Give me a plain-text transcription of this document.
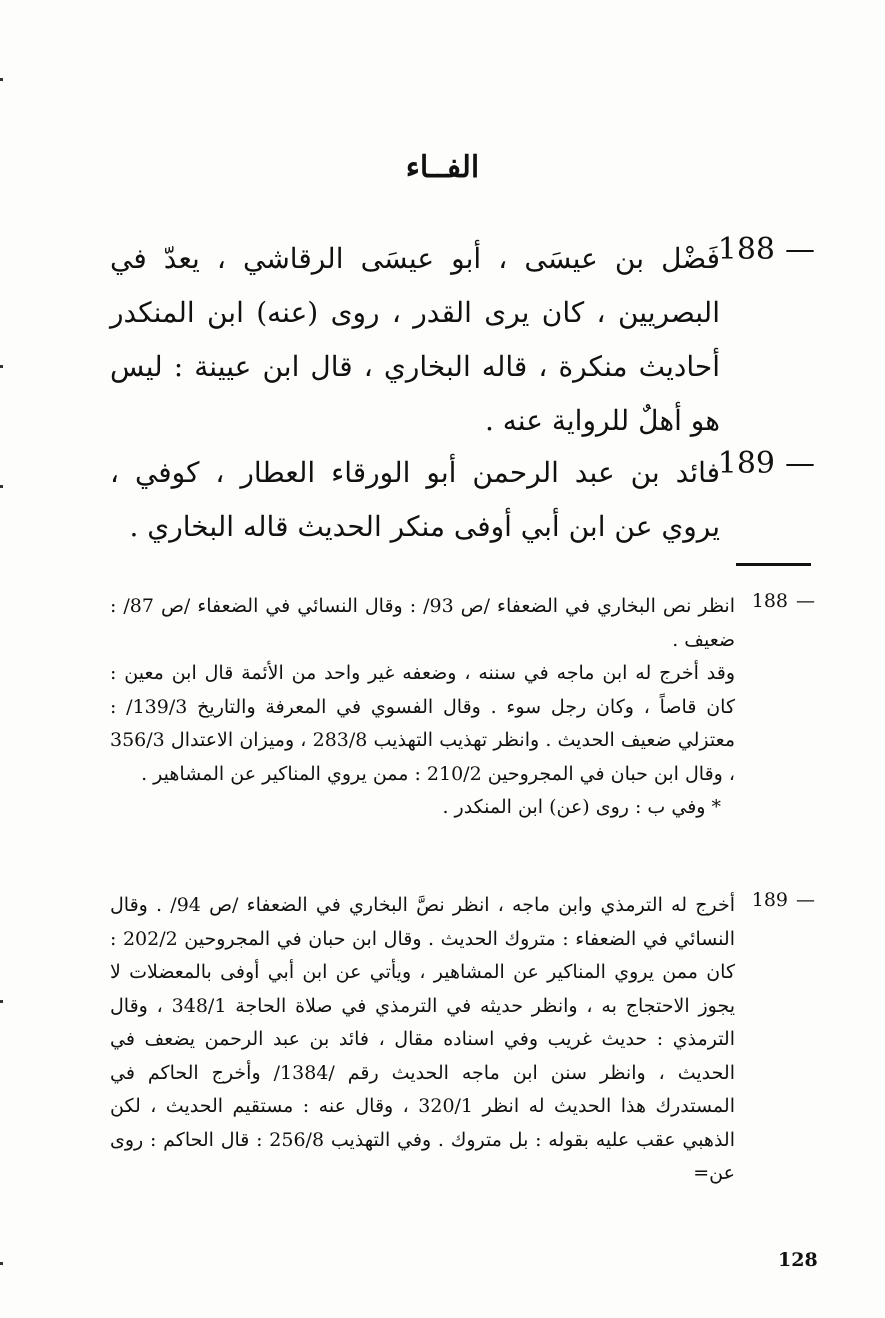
الفــاء
188 —
فَضْل بن عيسَى ، أبو عيسَى الرقاشي ، يعدّ في البصريين ، كان يرى القدر ، روى (عنه) ابن المنكدر أحاديث منكرة ، قاله البخاري ، قال ابن عيينة : ليس هو أهلٌ للرواية عنه .
189 —
فائد بن عبد الرحمن أبو الورقاء العطار ، كوفي ، يروي عن ابن أبي أوفى منكر الحديث قاله البخاري .
188 —

انظر نص البخاري في الضعفاء /ص 93/ : وقال النسائي في الضعفاء /ص 87/ : ضعيف .

وقد أخرج له ابن ماجه في سننه ، وضعفه غير واحد من الأئمة قال ابن معين : كان قاصاً ، وكان رجل سوء . وقال الفسوي في المعرفة والتاريخ 139/3/ : معتزلي ضعيف الحديث . وانظر تهذيب التهذيب 283/8 ، وميزان الاعتدال 356/3 ، وقال ابن حبان في المجروحين 210/2 : ممن يروي المناكير عن المشاهير .

* وفي ب : روى (عن) ابن المنكدر .

189 —

أخرج له الترمذي وابن ماجه ، انظر نصَّ البخاري في الضعفاء /ص 94/ . وقال النسائي في الضعفاء : متروك الحديث . وقال ابن حبان في المجروحين 202/2 : كان ممن يروي المناكير عن المشاهير ، ويأتي عن ابن أبي أوفى بالمعضلات لا يجوز الاحتجاج به ، وانظر حديثه في الترمذي في صلاة الحاجة 348/1 ، وقال الترمذي : حديث غريب وفي اسناده مقال ، فائد بن عبد الرحمن يضعف في الحديث ، وانظر سنن ابن ماجه الحديث رقم /1384/ وأخرج الحاكم في المستدرك هذا الحديث له انظر 320/1 ، وقال عنه : مستقيم الحديث ، لكن الذهبي عقب عليه بقوله : بل متروك . وفي التهذيب 256/8 : قال الحاكم : روى عن=

128
